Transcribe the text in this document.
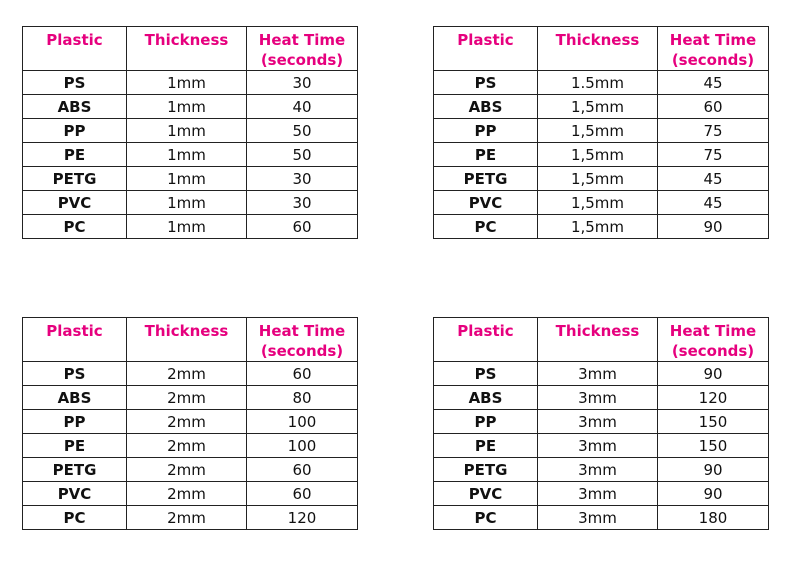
Plastic	Thickness	Heat Time
(seconds)

PS	1mm	30
ABS	1mm	40
PP	1mm	50
PE	1mm	50
PETG	1mm	30
PVC	1mm	30
PC	1mm	60
Plastic	Thickness	Heat Time
(seconds)

PS	1.5mm	45
ABS	1,5mm	60
PP	1,5mm	75
PE	1,5mm	75
PETG	1,5mm	45
PVC	1,5mm	45
PC	1,5mm	90
Plastic	Thickness	Heat Time
(seconds)

PS	2mm	60
ABS	2mm	80
PP	2mm	100
PE	2mm	100
PETG	2mm	60
PVC	2mm	60
PC	2mm	120
Plastic	Thickness	Heat Time
(seconds)

PS	3mm	90
ABS	3mm	120
PP	3mm	150
PE	3mm	150
PETG	3mm	90
PVC	3mm	90
PC	3mm	180
